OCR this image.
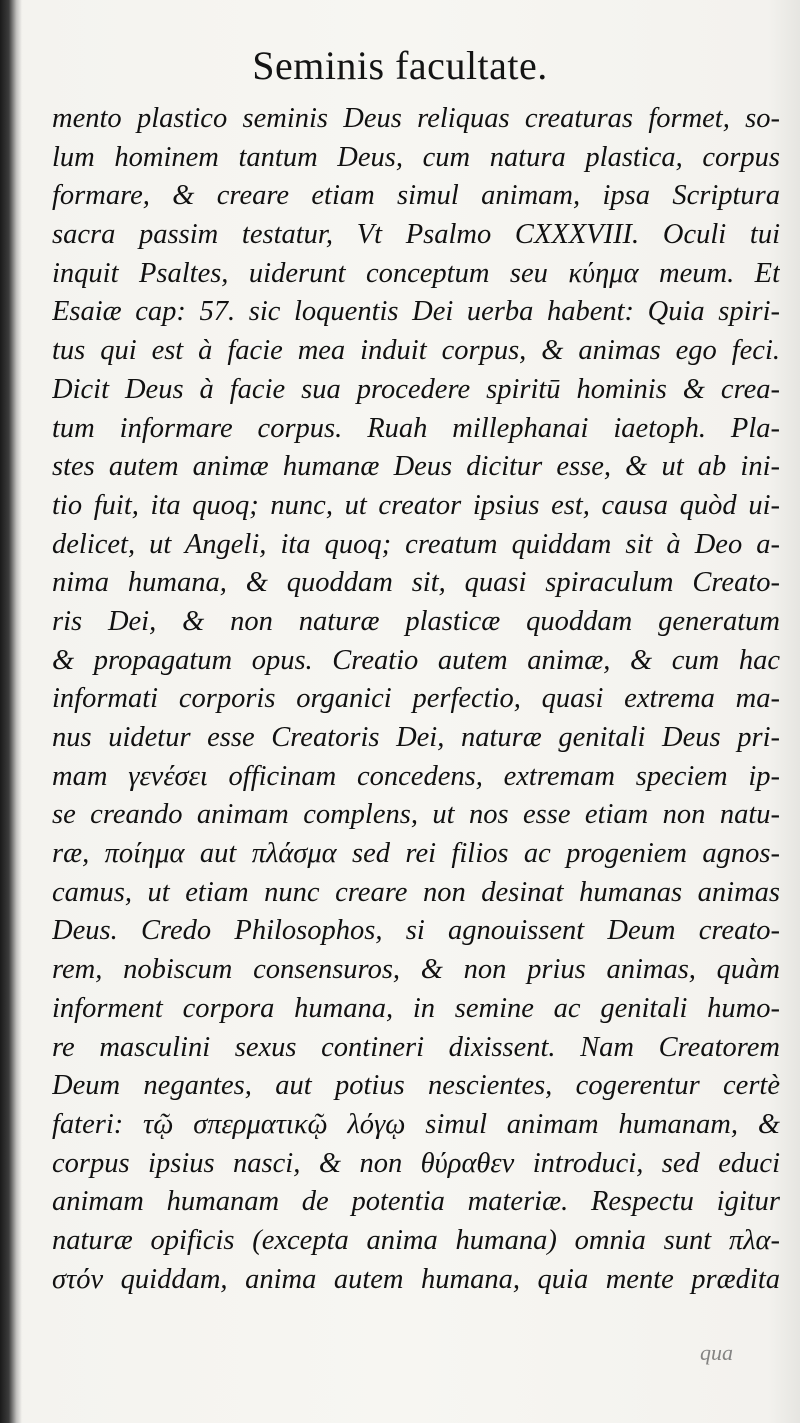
Seminis facultate.
mento plastico seminis Deus reliquas creaturas formet, so-
lum hominem tantum Deus, cum natura plastica, corpus
formare, & creare etiam simul animam, ipsa Scriptura
sacra passim testatur, Vt Psalmo CXXXVIII. Oculi tui
inquit Psaltes, uiderunt conceptum seu κύημα meum. Et
Esaiæ cap: 57. sic loquentis Dei uerba habent: Quia spiri-
tus qui est à facie mea induit corpus, & animas ego feci.
Dicit Deus à facie sua procedere spiritū hominis & crea-
tum informare corpus. Ruah millephanai iaetoph. Pla-
stes autem animæ humanæ Deus dicitur esse, & ut ab ini-
tio fuit, ita quoq; nunc, ut creator ipsius est, causa quòd ui-
delicet, ut Angeli, ita quoq; creatum quiddam sit à Deo a-
nima humana, & quoddam sit, quasi spiraculum Creato-
ris Dei, & non naturæ plasticæ quoddam generatum
& propagatum opus. Creatio autem animæ, & cum hac
informati corporis organici perfectio, quasi extrema ma-
nus uidetur esse Creatoris Dei, naturæ genitali Deus pri-
mam γενέσει officinam concedens, extremam speciem ip-
se creando animam complens, ut nos esse etiam non natu-
ræ, ποίημα aut πλάσμα sed rei filios ac progeniem agnos-
camus, ut etiam nunc creare non desinat humanas animas
Deus. Credo Philosophos, si agnouissent Deum creato-
rem, nobiscum consensuros, & non prius animas, quàm
informent corpora humana, in semine ac genitali humo-
re masculini sexus contineri dixissent. Nam Creatorem
Deum negantes, aut potius nescientes, cogerentur certè
fateri: τῷ σπερματικῷ λόγῳ simul animam humanam, &
corpus ipsius nasci, & non θύραθεν introduci, sed educi
animam humanam de potentia materiæ. Respectu igitur
naturæ opificis (excepta anima humana) omnia sunt πλα-
στόν quiddam, anima autem humana, quia mente prædita
qua
